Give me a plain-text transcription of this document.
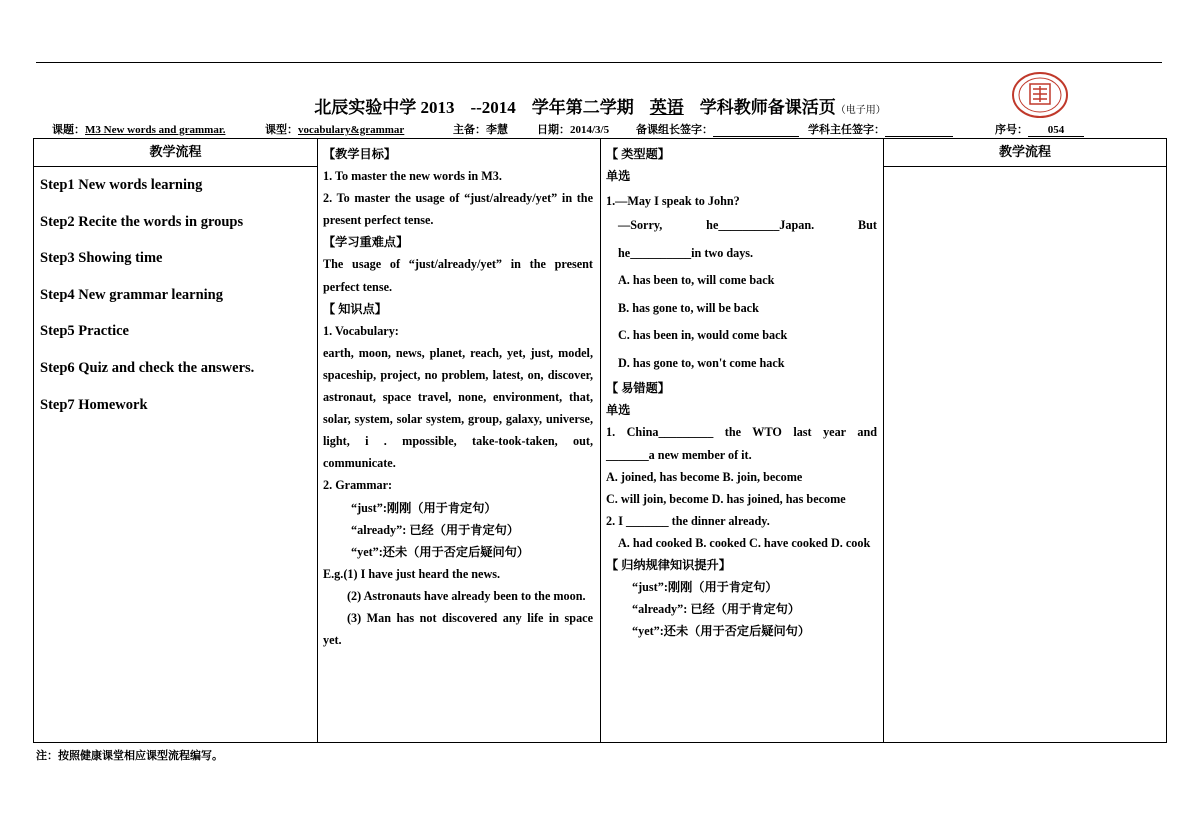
北辰实验中学 2013 --2014 学年第二学期 英语 学科教师备课活页（电子用）
课题：M3 New words and grammar.	课型：vocabulary&grammar	主备：李慧	日期：2014/3/5 备课组长签字：	学科主任签字：	序号： 054
教学流程	教学流程
Step1 New words learning
Step2 Recite the words in groups
Step3 Showing time
Step4 New grammar learning
Step5 Practice
Step6 Quiz and check the answers.
Step7 Homework
【教学目标】
1. To master the new words in M3.
2. To master the usage of “just/already/yet” in the present perfect tense.
【学习重难点】
The usage of “just/already/yet” in the present perfect tense.
【 知识点】
1. Vocabulary:
earth, moon, news, planet, reach, yet, just, model, spaceship, project, no problem, latest, on, discover, astronaut, space travel, none, environment, that, solar, system, solar system, group, galaxy, universe, light, i . mpossible, take-took-taken, out, communicate.
2. Grammar:
“just”:刚刚（用于肯定句）
“already”: 已经（用于肯定句）
“yet”:还未（用于否定后疑问句）
E.g.(1) I have just heard the news.
(2) Astronauts have already been to the moon.
(3) Man has not discovered any life in space yet.
【 类型题】
单选
1.—May I speak to John?
—Sorry, he__________Japan. But he__________in two days.
A. has been to, will come back
B. has gone to, will be back
C. has been in, would come back
D. has gone to, won't come hack
【 易错题】
单选
1. China_________ the WTO last year and _______a new member of it.
A. joined, has become B. join, become
C. will join, become D. has joined, has become
2. I _______ the dinner already.
A. had cooked B. cooked C. have cooked D. cook
【 归纳规律知识提升】
“just”:刚刚（用于肯定句）
“already”: 已经（用于肯定句）
“yet”:还未（用于否定后疑问句）
注：按照健康课堂相应课型流程编写。
